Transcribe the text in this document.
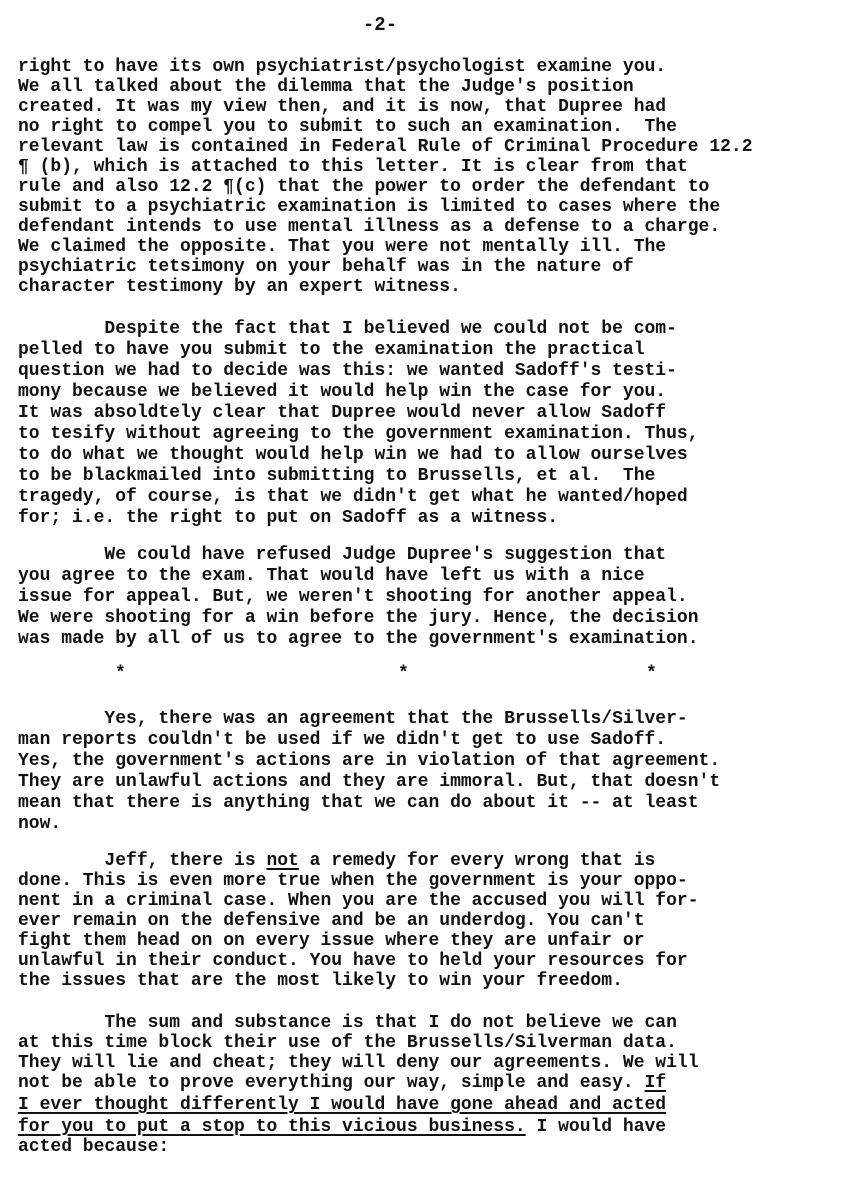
-2-
right to have its own psychiatrist/psychologist examine you.
We all talked about the dilemma that the Judge's position
created. It was my view then, and it is now, that Dupree had
no right to compel you to submit to such an examination.  The
relevant law is contained in Federal Rule of Criminal Procedure 12.2
¶ (b), which is attached to this letter. It is clear from that
rule and also 12.2 ¶(c) that the power to order the defendant to
submit to a psychiatric examination is limited to cases where the
defendant intends to use mental illness as a defense to a charge.
We claimed the opposite. That you were not mentally ill. The
psychiatric tetsimony on your behalf was in the nature of
character testimony by an expert witness.
Despite the fact that I believed we could not be com-
pelled to have you submit to the examination the practical
question we had to decide was this: we wanted Sadoff's testi-
mony because we believed it would help win the case for you.
It was absoldtely clear that Dupree would never allow Sadoff
to tesify without agreeing to the government examination. Thus,
to do what we thought would help win we had to allow ourselves
to be blackmailed into submitting to Brussells, et al.  The
tragedy, of course, is that we didn't get what he wanted/hoped
for; i.e. the right to put on Sadoff as a witness.
We could have refused Judge Dupree's suggestion that
you agree to the exam. That would have left us with a nice
issue for appeal. But, we weren't shooting for another appeal.
We were shooting for a win before the jury. Hence, the decision
was made by all of us to agree to the government's examination.
*	*	*
Yes, there was an agreement that the Brussells/Silver-
man reports couldn't be used if we didn't get to use Sadoff.
Yes, the government's actions are in violation of that agreement.
They are unlawful actions and they are immoral. But, that doesn't
mean that there is anything that we can do about it -- at least
now.
Jeff, there is not a remedy for every wrong that is
done. This is even more true when the government is your oppo-
nent in a criminal case. When you are the accused you will for-
ever remain on the defensive and be an underdog. You can't
fight them head on on every issue where they are unfair or
unlawful in their conduct. You have to held your resources for
the issues that are the most likely to win your freedom.
The sum and substance is that I do not believe we can
at this time block their use of the Brussells/Silverman data.
They will lie and cheat; they will deny our agreements. We will
not be able to prove everything our way, simple and easy. If
I ever thought differently I would have gone ahead and acted
for you to put a stop to this vicious business. I would have
acted because:
